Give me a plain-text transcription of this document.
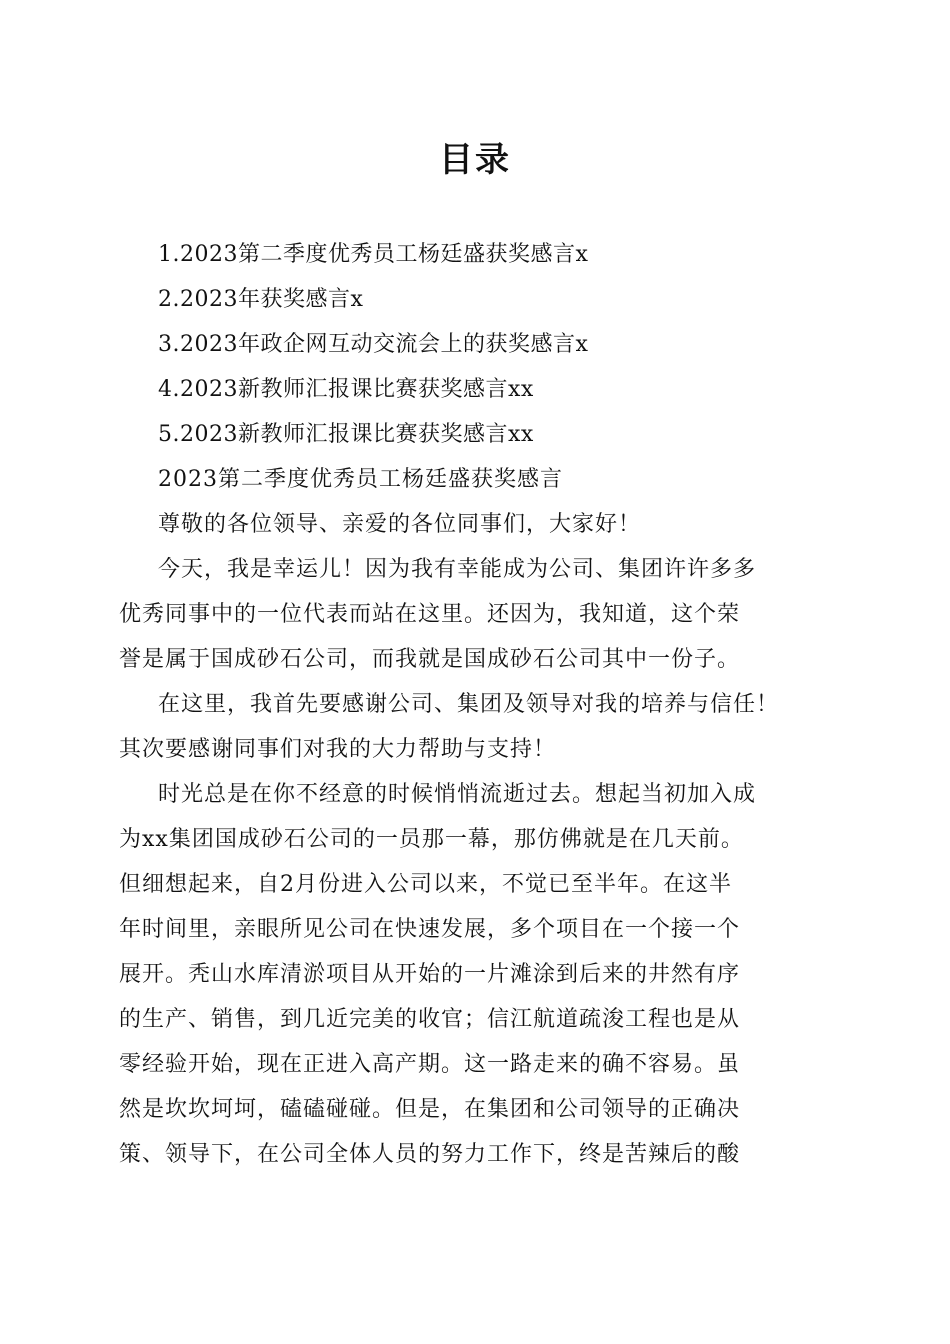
目录
1.2023第二季度优秀员工杨廷盛获奖感言x
2.2023年获奖感言x
3.2023年政企网互动交流会上的获奖感言x
4.2023新教师汇报课比赛获奖感言xx
5.2023新教师汇报课比赛获奖感言xx
2023第二季度优秀员工杨廷盛获奖感言
尊敬的各位领导、亲爱的各位同事们，大家好！
今天，我是幸运儿！因为我有幸能成为公司、集团许许多多
优秀同事中的一位代表而站在这里。还因为，我知道，这个荣
誉是属于国成砂石公司，而我就是国成砂石公司其中一份子。
在这里，我首先要感谢公司、集团及领导对我的培养与信任！
其次要感谢同事们对我的大力帮助与支持！
时光总是在你不经意的时候悄悄流逝过去。想起当初加入成
为xx集团国成砂石公司的一员那一幕，那仿佛就是在几天前。
但细想起来，自2月份进入公司以来，不觉已至半年。在这半
年时间里，亲眼所见公司在快速发展，多个项目在一个接一个
展开。秃山水库清淤项目从开始的一片滩涂到后来的井然有序
的生产、销售，到几近完美的收官；信江航道疏浚工程也是从
零经验开始，现在正进入高产期。这一路走来的确不容易。虽
然是坎坎坷坷，磕磕碰碰。但是，在集团和公司领导的正确决
策、领导下，在公司全体人员的努力工作下，终是苦辣后的酸
